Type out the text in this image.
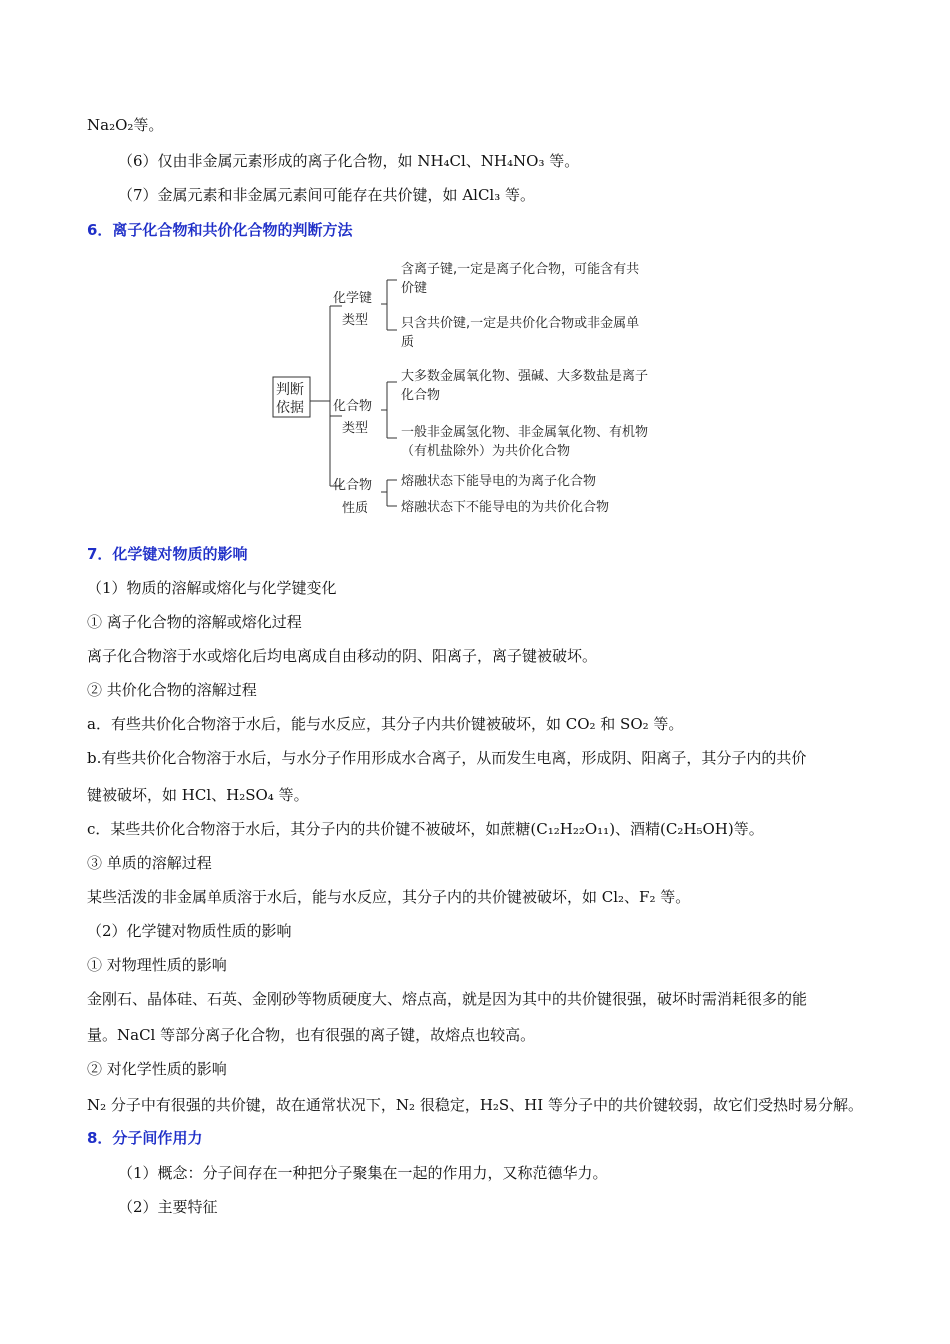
Na₂O₂等。
（6）仅由非金属元素形成的离子化合物，如 NH₄Cl、NH₄NO₃ 等。
（7）金属元素和非金属元素间可能存在共价键，如 AlCl₃ 等。
6．离子化合物和共价化合物的判断方法
判断
依据
化学键
类型
化合物
类型
化合物
性质
含离子键,一定是离子化合物，可能含有共
价键
只含共价键,一定是共价化合物或非金属单
质
大多数金属氧化物、强碱、大多数盐是离子
化合物
一般非金属氢化物、非金属氧化物、有机物
（有机盐除外）为共价化合物
熔融状态下能导电的为离子化合物
熔融状态下不能导电的为共价化合物
7．化学键对物质的影响
（1）物质的溶解或熔化与化学键变化
① 离子化合物的溶解或熔化过程
离子化合物溶于水或熔化后均电离成自由移动的阴、阳离子，离子键被破坏。
② 共价化合物的溶解过程
a．有些共价化合物溶于水后，能与水反应，其分子内共价键被破坏，如 CO₂ 和 SO₂ 等。
b.有些共价化合物溶于水后，与水分子作用形成水合离子，从而发生电离，形成阴、阳离子，其分子内的共价
键被破坏，如 HCl、H₂SO₄ 等。
c．某些共价化合物溶于水后，其分子内的共价键不被破坏，如蔗糖(C₁₂H₂₂O₁₁)、酒精(C₂H₅OH)等。
③ 单质的溶解过程
某些活泼的非金属单质溶于水后，能与水反应，其分子内的共价键被破坏，如 Cl₂、F₂ 等。
（2）化学键对物质性质的影响
① 对物理性质的影响
金刚石、晶体硅、石英、金刚砂等物质硬度大、熔点高，就是因为其中的共价键很强，破坏时需消耗很多的能
量。NaCl 等部分离子化合物，也有很强的离子键，故熔点也较高。
② 对化学性质的影响
N₂ 分子中有很强的共价键，故在通常状况下，N₂ 很稳定，H₂S、HI 等分子中的共价键较弱，故它们受热时易分解。
8．分子间作用力
（1）概念：分子间存在一种把分子聚集在一起的作用力，又称范德华力。
（2）主要特征
